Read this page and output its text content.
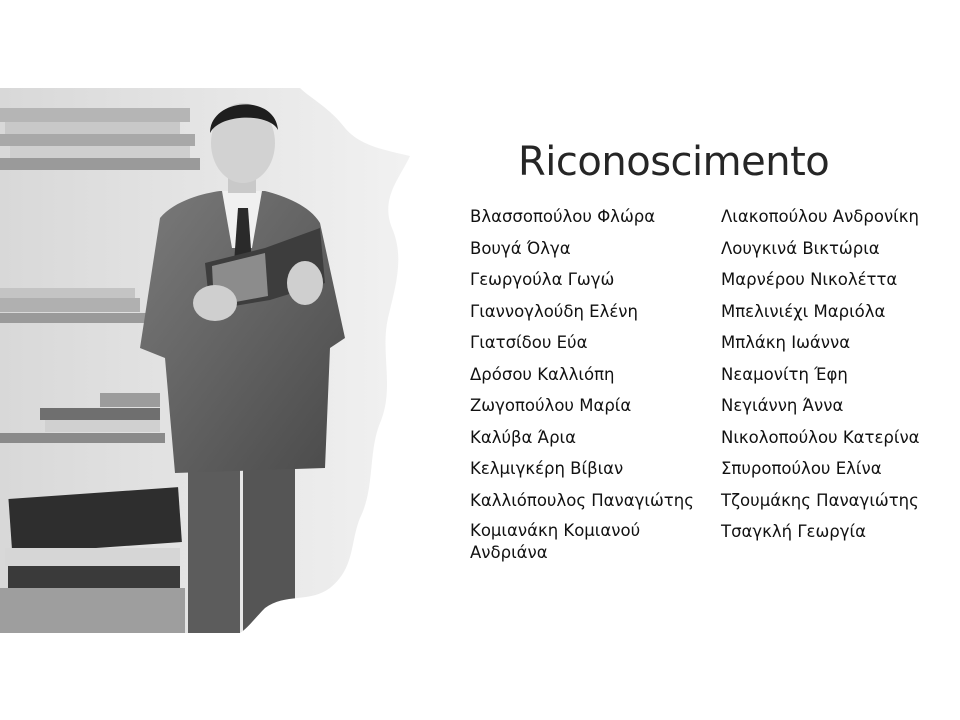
Riconoscimento
Βλασσοπούλου Φλώρα
Βουγά Όλγα
Γεωργούλα Γωγώ
Γιαννογλούδη Ελένη
Γιατσίδου Εύα
Δρόσου Καλλιόπη
Ζωγοπούλου Μαρία
Καλύβα Άρια
Κελμιγκέρη Βίβιαν
Καλλιόπουλος Παναγιώτης
Κομιανάκη Κομιανού Ανδριάνα
Λιακοπούλου Ανδρονίκη
Λουγκινά Βικτώρια
Μαρνέρου Νικολέττα
Μπελινιέχι Μαριόλα
Μπλάκη Ιωάννα
Νεαμονίτη Έφη
Νεγιάννη Άννα
Νικολοπούλου Κατερίνα
Σπυροπούλου Ελίνα
Τζουμάκης Παναγιώτης
Τσαγκλή Γεωργία
